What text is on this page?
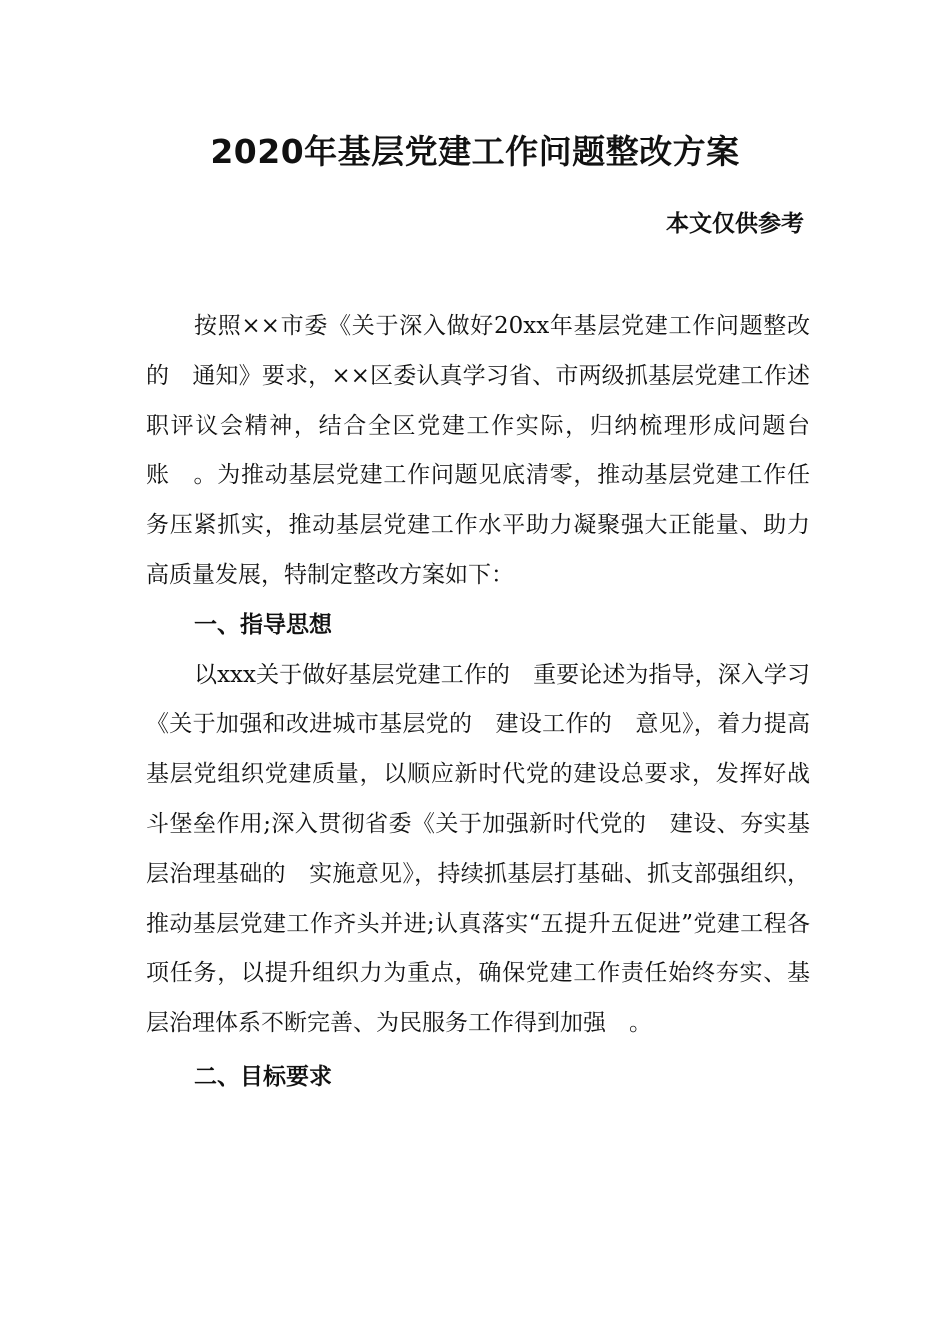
2020年基层党建工作问题整改方案
本文仅供参考

按照××市委《关于深入做好20xx年基层党建工作问题整改的　通知》要求，××区委认真学习省、市两级抓基层党建工作述职评议会精神，结合全区党建工作实际，归纳梳理形成问题台账　。为推动基层党建工作问题见底清零，推动基层党建工作任务压紧抓实，推动基层党建工作水平助力凝聚强大正能量、助力高质量发展，特制定整改方案如下：

一、指导思想

以xxx关于做好基层党建工作的　重要论述为指导，深入学习《关于加强和改进城市基层党的　建设工作的　意见》，着力提高基层党组织党建质量，以顺应新时代党的建设总要求，发挥好战斗堡垒作用;深入贯彻省委《关于加强新时代党的　建设、夯实基层治理基础的　实施意见》，持续抓基层打基础、抓支部强组织，推动基层党建工作齐头并进;认真落实“五提升五促进”党建工程各项任务，以提升组织力为重点，确保党建工作责任始终夯实、基层治理体系不断完善、为民服务工作得到加强　。

二、目标要求
